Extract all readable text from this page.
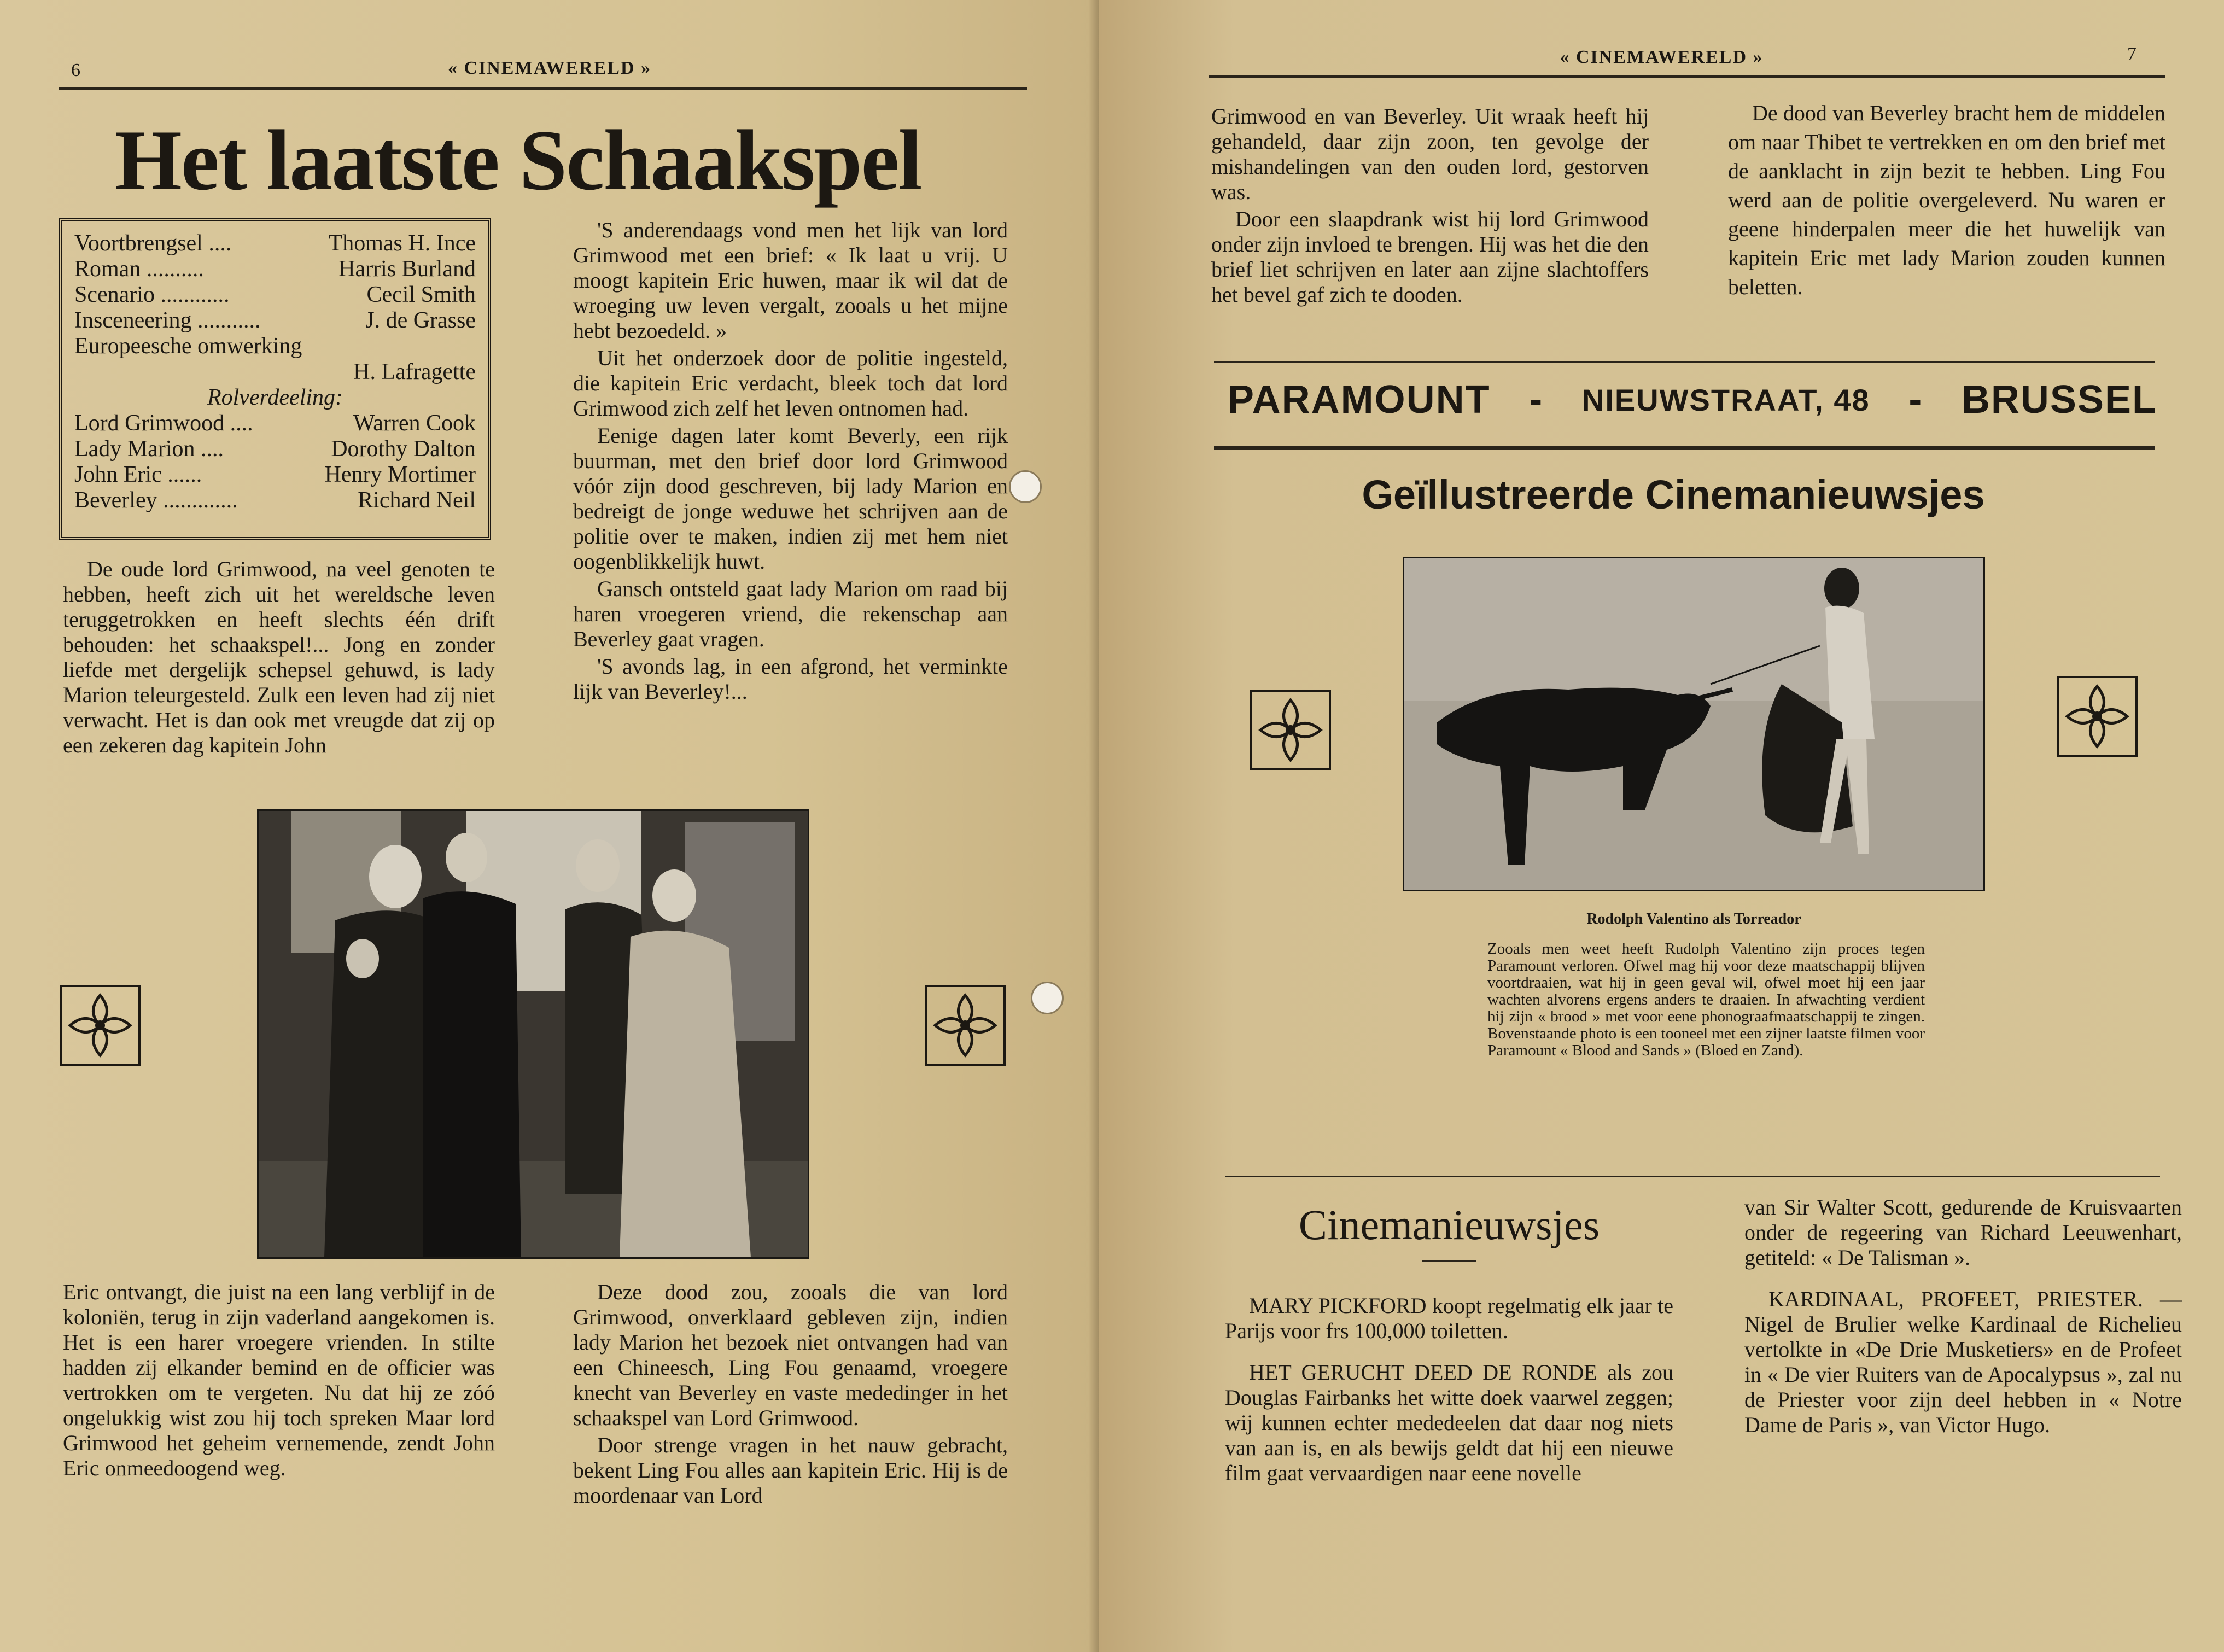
6	« CINEMAWERELD »
Het laatste Schaakspel
Voortbrengsel ....	Thomas H. Ince
Roman ..........	Harris Burland
Scenario ............	Cecil Smith
Insceneering ...........	J. de Grasse
Europeesche omwerking
H. Lafragette
Rolverdeeling:
Lord Grimwood ....	Warren Cook
Lady Marion ....	Dorothy Dalton
John Eric ......	Henry Mortimer
Beverley .............	Richard Neil

De oude lord Grimwood, na veel genoten te hebben, heeft zich uit het wereldsche leven teruggetrokken en heeft slechts één drift behouden: het schaakspel!... Jong en zonder liefde met dergelijk schepsel gehuwd, is lady Marion teleurgesteld. Zulk een leven had zij niet verwacht. Het is dan ook met vreugde dat zij op een zekeren dag kapitein John

'S anderendaags vond men het lijk van lord Grimwood met een brief: « Ik laat u vrij. U moogt kapitein Eric huwen, maar ik wil dat de wroeging uw leven vergalt, zooals u het mijne hebt bezoedeld. »

Uit het onderzoek door de politie ingesteld, die kapitein Eric verdacht, bleek toch dat lord Grimwood zich zelf het leven ontnomen had.

Eenige dagen later komt Beverly, een rijk buurman, met den brief door lord Grimwood vóór zijn dood geschreven, bij lady Marion en bedreigt de jonge weduwe het schrijven aan de politie over te maken, indien zij met hem niet oogenblikkelijk huwt.

Gansch ontsteld gaat lady Marion om raad bij haren vroegeren vriend, die rekenschap aan Beverley gaat vragen.

'S avonds lag, in een afgrond, het verminkte lijk van Beverley!...

Eric ontvangt, die juist na een lang verblijf in de koloniën, terug in zijn vaderland aangekomen is. Het is een harer vroegere vrienden. In stilte hadden zij elkander bemind en de officier was vertrokken om te vergeten. Nu dat hij ze zóó ongelukkig wist zou hij toch spreken Maar lord Grimwood het geheim vernemende, zendt John Eric onmeedoogend weg.

Deze dood zou, zooals die van lord Grimwood, onverklaard gebleven zijn, indien lady Marion het bezoek niet ontvangen had van een Chineesch, Ling Fou genaamd, vroegere knecht van Beverley en vaste mededinger in het schaakspel van Lord Grimwood.

Door strenge vragen in het nauw gebracht, bekent Ling Fou alles aan kapitein Eric. Hij is de moordenaar van Lord

« CINEMAWERELD »	7

Grimwood en van Beverley. Uit wraak heeft hij gehandeld, daar zijn zoon, ten gevolge der mishandelingen van den ouden lord, gestorven was.

Door een slaapdrank wist hij lord Grimwood onder zijn invloed te brengen. Hij was het die den brief liet schrijven en later aan zijne slachtoffers het bevel gaf zich te dooden.

De dood van Beverley bracht hem de middelen om naar Thibet te vertrekken en om den brief met de aanklacht in zijn bezit te hebben. Ling Fou werd aan de politie overgeleverd. Nu waren er geene hinderpalen meer die het huwelijk van kapitein Eric met lady Marion zouden kunnen beletten.

PARAMOUNT - NIEUWSTRAAT, 48 - BRUSSEL
Geïllustreerde Cinemanieuwsjes
Rodolph Valentino als Torreador
Zooals men weet heeft Rudolph Valentino zijn proces tegen Paramount verloren. Ofwel mag hij voor deze maatschappij blijven voortdraaien, wat hij in geen geval wil, ofwel moet hij een jaar wachten alvorens ergens anders te draaien. In afwachting verdient hij zijn « brood » met voor eene phonograafmaatschappij te zingen. Bovenstaande photo is een tooneel met een zijner laatste filmen voor Paramount « Blood and Sands » (Bloed en Zand).
Cinemanieuwsjes

MARY PICKFORD koopt regelmatig elk jaar te Parijs voor frs 100,000 toiletten.

HET GERUCHT DEED DE RONDE als zou Douglas Fairbanks het witte doek vaarwel zeggen; wij kunnen echter mededeelen dat daar nog niets van aan is, en als bewijs geldt dat hij een nieuwe film gaat vervaardigen naar eene novelle

van Sir Walter Scott, gedurende de Kruisvaarten onder de regeering van Richard Leeuwenhart, getiteld: « De Talisman ».

KARDINAAL, PROFEET, PRIESTER. — Nigel de Brulier welke Kardinaal de Richelieu vertolkte in «De Drie Musketiers» en de Profeet in « De vier Ruiters van de Apocalypsus », zal nu de Priester voor zijn deel hebben in « Notre Dame de Paris », van Victor Hugo.
